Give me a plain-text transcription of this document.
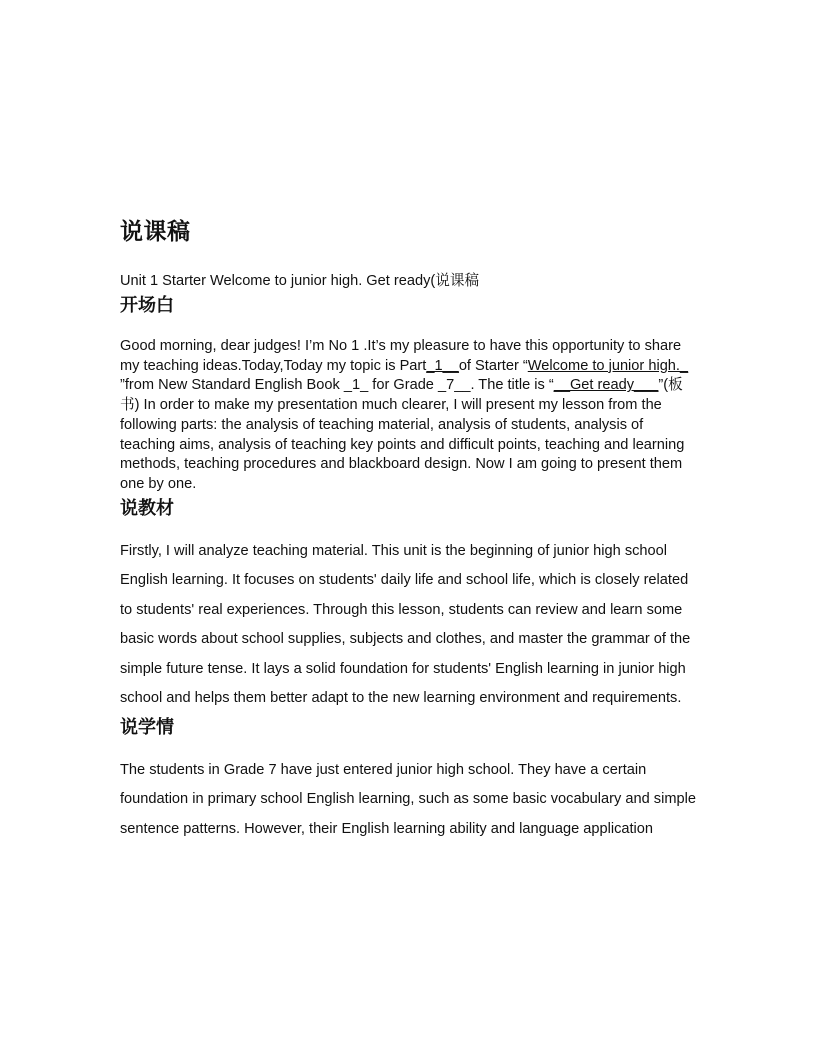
说课稿
Unit 1 Starter Welcome to junior high. Get ready(说课稿
开场白

Good morning, dear judges! I’m No 1 .It’s my pleasure to have this opportunity to share my teaching ideas.Today,Today my topic is Part_1__of Starter “Welcome to junior high._ ”from New Standard English Book _1_ for Grade _7__. The title is “__Get ready___”(板书) In order to make my presentation much clearer, I will present my lesson from the following parts: the analysis of teaching material, analysis of students, analysis of teaching aims, analysis of teaching key points and difficult points, teaching and learning methods, teaching procedures and blackboard design. Now I am going to present them one by one.

说教材

Firstly, I will analyze teaching material. This unit is the beginning of junior high school English learning. It focuses on students' daily life and school life, which is closely related to students' real experiences. Through this lesson, students can review and learn some basic words about school supplies, subjects and clothes, and master the grammar of the simple future tense. It lays a solid foundation for students' English learning in junior high school and helps them better adapt to the new learning environment and requirements.

说学情

The students in Grade 7 have just entered junior high school. They have a certain foundation in primary school English learning, such as some basic vocabulary and simple sentence patterns. However, their English learning ability and language application
